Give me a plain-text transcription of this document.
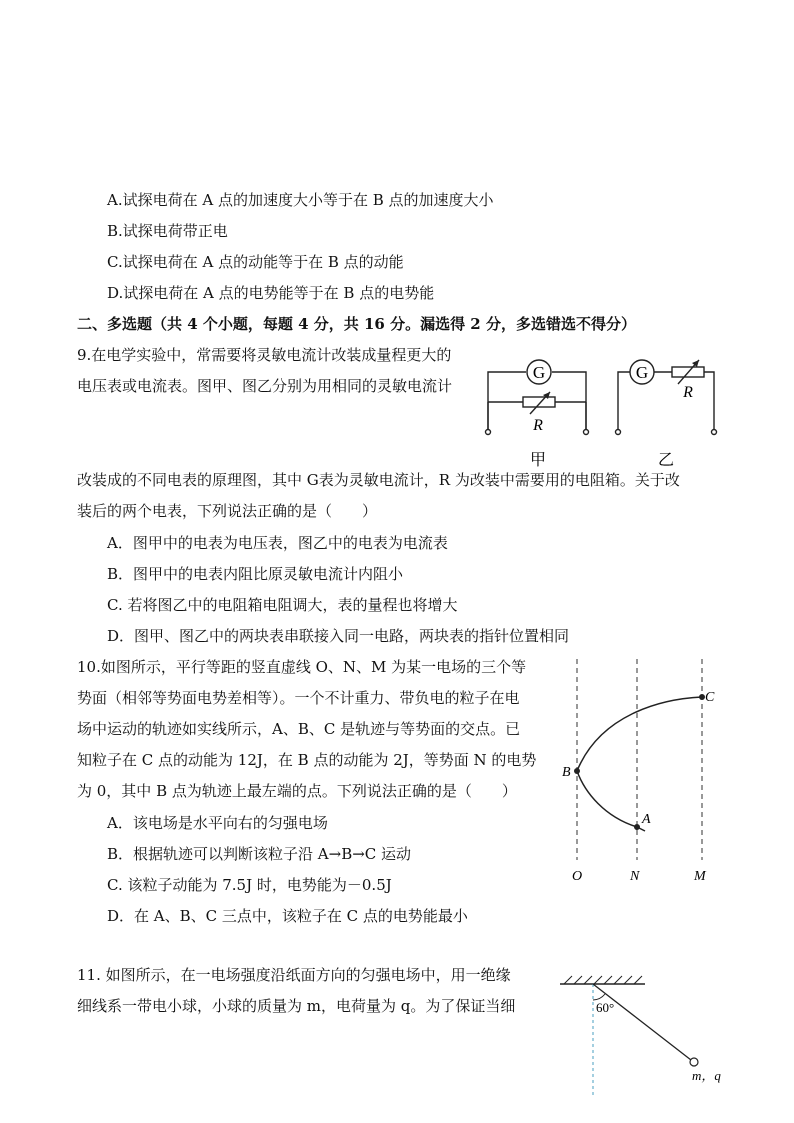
A.试探电荷在 A 点的加速度大小等于在 B 点的加速度大小
B.试探电荷带正电
C.试探电荷在 A 点的动能等于在 B 点的动能
D.试探电荷在 A 点的电势能等于在 B 点的电势能
二、多选题（共 4 个小题，每题 4 分，共 16 分。漏选得 2 分，多选错选不得分）
9.在电学实验中，常需要将灵敏电流计改装成量程更大的
电压表或电流表。图甲、图乙分别为用相同的灵敏电流计
改装成的不同电表的原理图，其中 G表为灵敏电流计，R 为改装中需要用的电阻箱。关于改
装后的两个电表，下列说法正确的是（　　）
A．图甲中的电表为电压表，图乙中的电表为电流表
B．图甲中的电表内阻比原灵敏电流计内阻小
C. 若将图乙中的电阻箱电阻调大，表的量程也将增大
D．图甲、图乙中的两块表串联接入同一电路，两块表的指针位置相同
G	G
R
R
甲	乙
10.如图所示，平行等距的竖直虚线 O、N、M 为某一电场的三个等
势面（相邻等势面电势差相等）。一个不计重力、带负电的粒子在电
场中运动的轨迹如实线所示，A、B、C 是轨迹与等势面的交点。已
知粒子在 C 点的动能为 12J，在 B 点的动能为 2J，等势面 N 的电势
为 0，其中 B 点为轨迹上最左端的点。下列说法正确的是（　　）
A．该电场是水平向右的匀强电场
B．根据轨迹可以判断该粒子沿 A→B→C 运动
C. 该粒子动能为 7.5J 时，电势能为－0.5J
D．在 A、B、C 三点中，该粒子在 C 点的电势能最小
B
A
C
O	N	M
11. 如图所示，在一电场强度沿纸面方向的匀强电场中，用一绝缘
细线系一带电小球，小球的质量为 m，电荷量为 q。为了保证当细	60°
m，q
